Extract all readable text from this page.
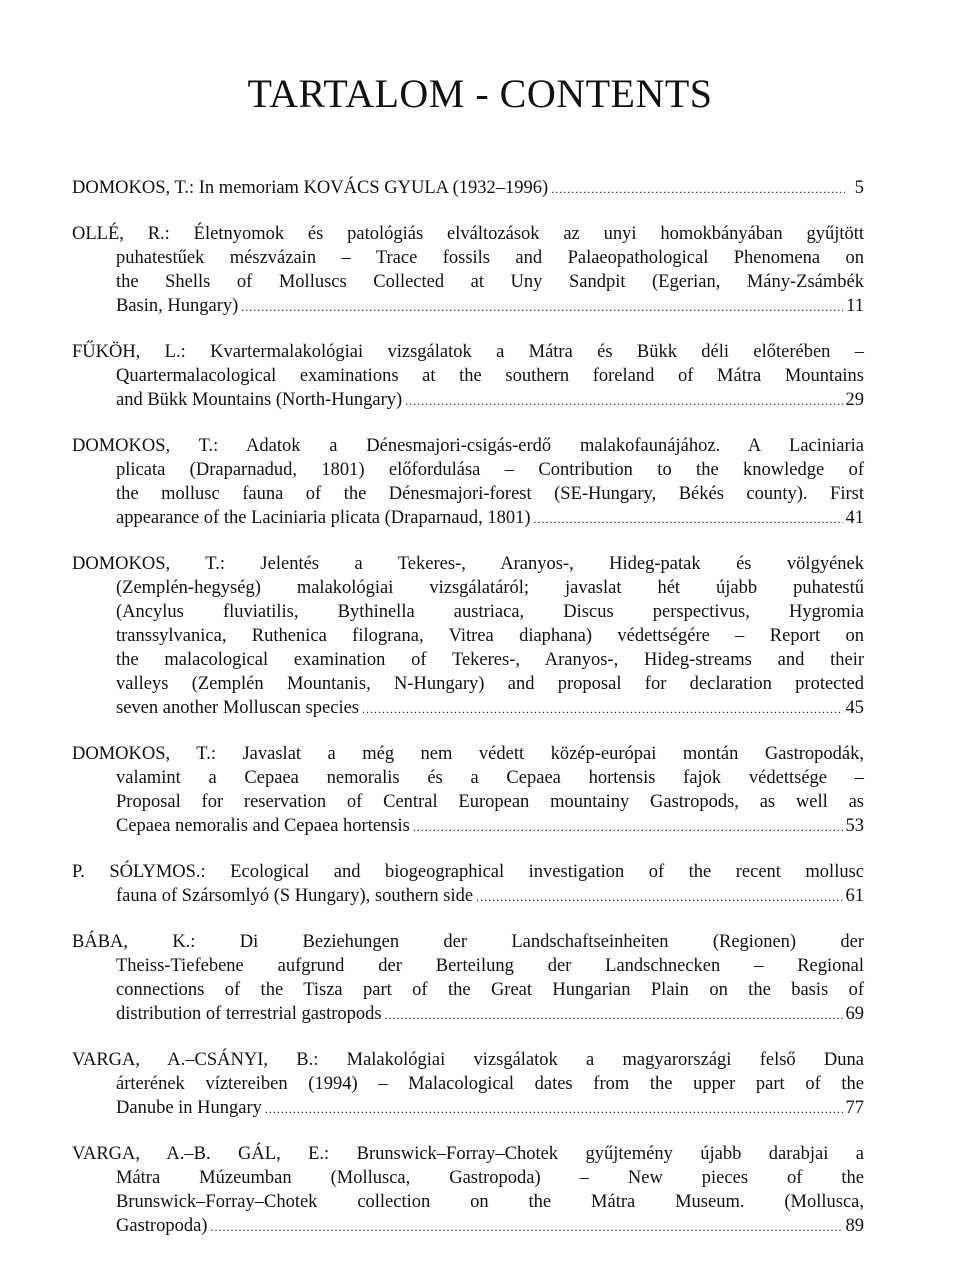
TARTALOM - CONTENTS
DOMOKOS, T.: In memoriam KOVÁCS GYULA (1932–1996) .....	5
OLLÉ, R.: Életnyomok és patológiás elváltozások az unyi homokbányában gyűjtött
puhatestűek mészvázain – Trace fossils and Palaeopathological Phenomena on
the Shells of Molluscs Collected at Uny Sandpit (Egerian, Mány-Zsámbék
Basin, Hungary) .....	11
FŰKÖH, L.: Kvartermalakológiai vizsgálatok a Mátra és Bükk déli előterében –
Quartermalacological examinations at the southern foreland of Mátra Mountains
and Bükk Mountains (North-Hungary) .....	29
DOMOKOS, T.: Adatok a Dénesmajori-csigás-erdő malakofaunájához. A Laciniaria
plicata (Draparnadud, 1801) előfordulása – Contribution to the knowledge of
the mollusc fauna of the Dénesmajori-forest (SE-Hungary, Békés county). First
appearance of the Laciniaria plicata (Draparnaud, 1801) .....	41
DOMOKOS, T.: Jelentés a Tekeres-, Aranyos-, Hideg-patak és völgyének
(Zemplén-hegység) malakológiai vizsgálatáról; javaslat hét újabb puhatestű
(Ancylus fluviatilis, Bythinella austriaca, Discus perspectivus, Hygromia
transsylvanica, Ruthenica filograna, Vitrea diaphana) védettségére – Report on
the malacological examination of Tekeres-, Aranyos-, Hideg-streams and their
valleys (Zemplén Mountanis, N-Hungary) and proposal for declaration protected
seven another Molluscan species .....	45
DOMOKOS, T.: Javaslat a még nem védett közép-európai montán Gastropodák,
valamint a Cepaea nemoralis és a Cepaea hortensis fajok védettsége –
Proposal for reservation of Central European mountainy Gastropods, as well as
Cepaea nemoralis and Cepaea hortensis .....	53
P. SÓLYMOS.: Ecological and biogeographical investigation of the recent mollusc
fauna of Szársomlyó (S Hungary), southern side .....	61
BÁBA, K.: Di Beziehungen der Landschaftseinheiten (Regionen) der
Theiss-Tiefebene aufgrund der Berteilung der Landschnecken – Regional
connections of the Tisza part of the Great Hungarian Plain on the basis of
distribution of terrestrial gastropods .....	69
VARGA, A.–CSÁNYI, B.: Malakológiai vizsgálatok a magyarországi felső Duna
árterének víztereiben (1994) – Malacological dates from the upper part of the
Danube in Hungary .....	77
VARGA, A.–B. GÁL, E.: Brunswick–Forray–Chotek gyűjtemény újabb darabjai a
Mátra Múzeumban (Mollusca, Gastropoda) – New pieces of the
Brunswick–Forray–Chotek collection on the Mátra Museum. (Mollusca,
Gastropoda) .....	89
